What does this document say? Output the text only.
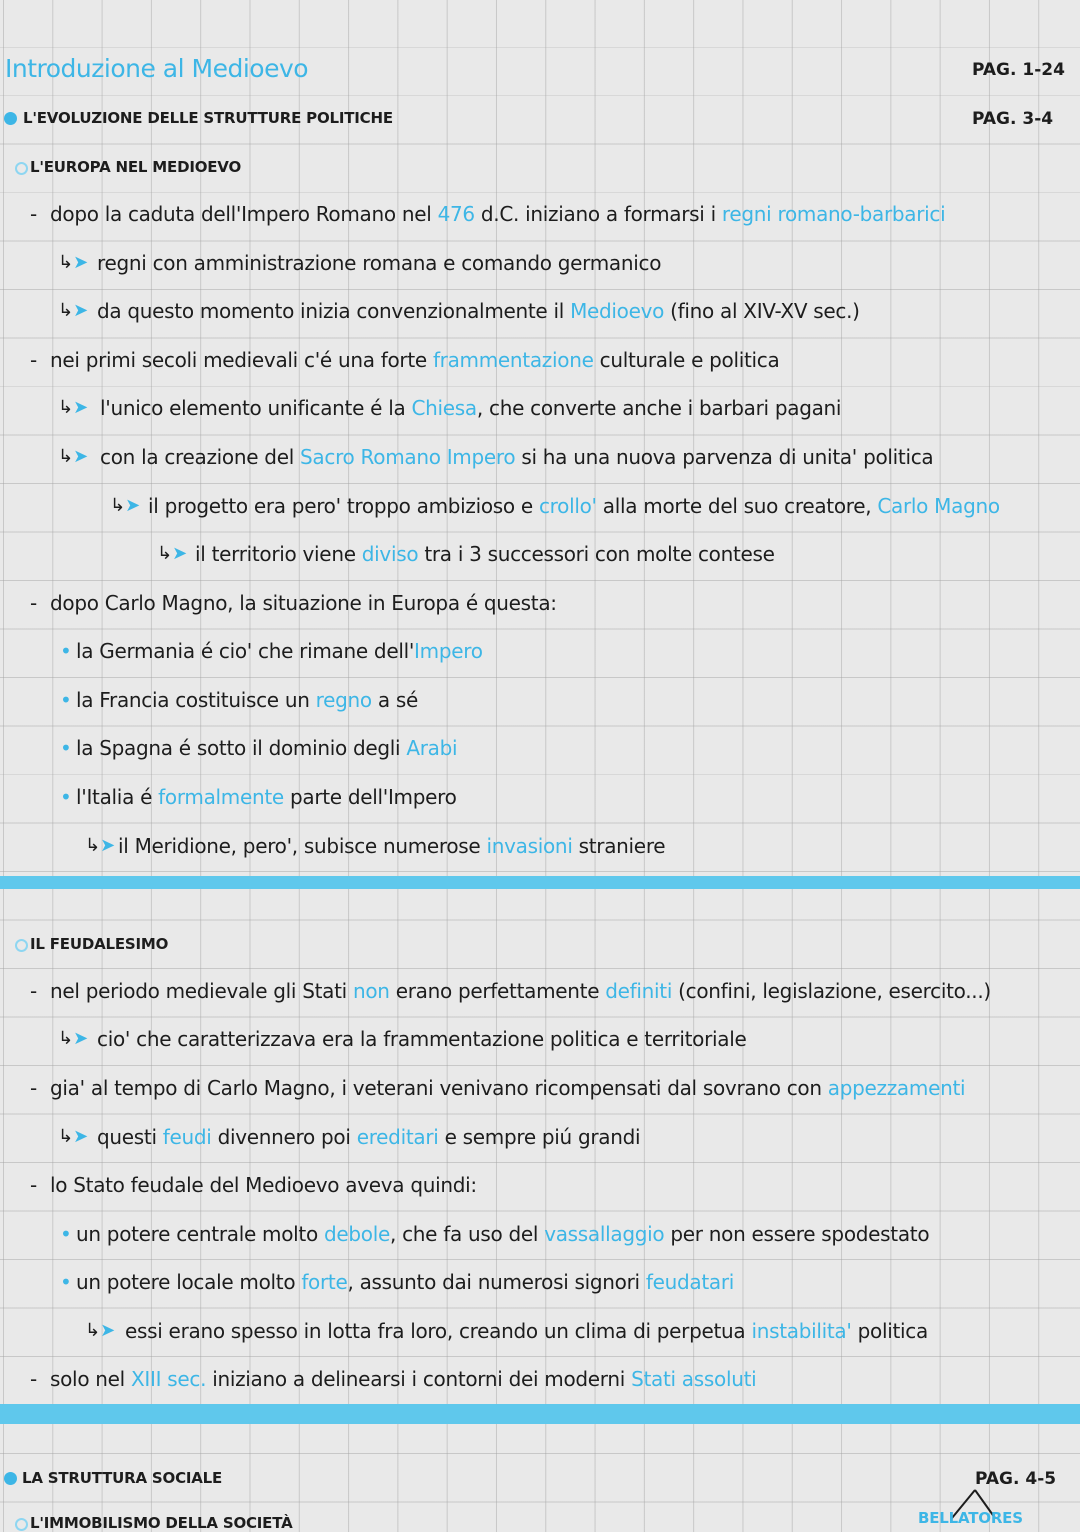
Introduzione al Medioevo	PAG. 1-24
L'EVOLUZIONE DELLE STRUTTURE POLITICHE	PAG. 3-4
L'EUROPA NEL MEDIOEVO
IL FEUDALESIMO
LA STRUTTURA SOCIALE	PAG. 4-5
L'IMMOBILISMO DELLA SOCIETÀ	BELLATORES
- dopo la caduta dell'Impero Romano nel 476 d.C. iniziano a formarsi i regni romano-barbarici
↳➤ regni con amministrazione romana e comando germanico
↳➤ da questo momento inizia convenzionalmente il Medioevo (fino al XIV-XV sec.)
- nei primi secoli medievali c'é una forte frammentazione culturale e politica
↳➤ l'unico elemento unificante é la Chiesa, che converte anche i barbari pagani
↳➤ con la creazione del Sacro Romano Impero si ha una nuova parvenza di unita' politica
↳➤ il progetto era pero' troppo ambizioso e crollo' alla morte del suo creatore, Carlo Magno
↳➤ il territorio viene diviso tra i 3 successori con molte contese
- dopo Carlo Magno, la situazione in Europa é questa:
• la Germania é cio' che rimane dell'Impero
• la Francia costituisce un regno a sé
• la Spagna é sotto il dominio degli Arabi
• l'Italia é formalmente parte dell'Impero
↳➤ il Meridione, pero', subisce numerose invasioni straniere
- nel periodo medievale gli Stati non erano perfettamente definiti (confini, legislazione, esercito...)
↳➤ cio' che caratterizzava era la frammentazione politica e territoriale
- gia' al tempo di Carlo Magno, i veterani venivano ricompensati dal sovrano con appezzamenti
↳➤ questi feudi divennero poi ereditari e sempre piú grandi
- lo Stato feudale del Medioevo aveva quindi:
• un potere centrale molto debole, che fa uso del vassallaggio per non essere spodestato
• un potere locale molto forte, assunto dai numerosi signori feudatari
↳➤ essi erano spesso in lotta fra loro, creando un clima di perpetua instabilita' politica
- solo nel XIII sec. iniziano a delinearsi i contorni dei moderni Stati assoluti
